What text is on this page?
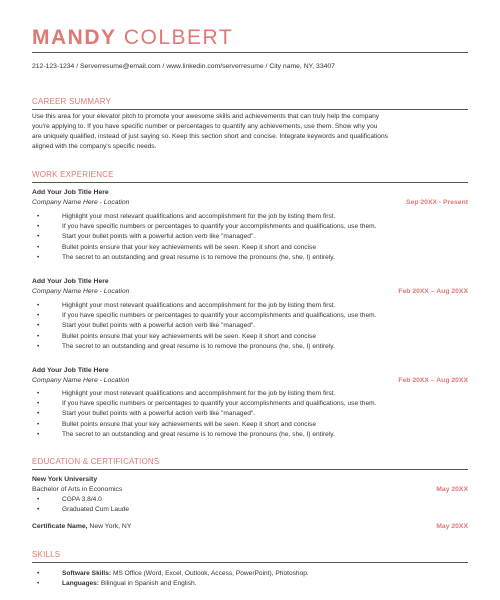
MANDY COLBERT
212-123-1234 / Serverresume@email.com / www.linkedin.com/serverresume / City name, NY, 33407
CAREER SUMMARY
Use this area for your elevator pitch to promote your awesome skills and achievements that can truly help the company
you're applying to. If you have specific number or percentages to quantify any achievements, use them. Show why you
are uniquely qualified, instead of just saying so. Keep this section short and concise. Integrate keywords and qualifications
aligned with the company's specific needs.
WORK EXPERIENCE
Add Your Job Title Here
Company Name Here - Location	Sep 20XX - Present
•	Highlight your most relevant qualifications and accomplishment for the job by listing them first.
•	If you have specific numbers or percentages to quantify your accomplishments and qualifications, use them.
•	Start your bullet points with a powerful action verb like "managed".
•	Bullet points ensure that your key achievements will be seen. Keep it short and concise
•	The secret to an outstanding and great resume is to remove the pronouns (he, she, I) entirely.
Add Your Job Title Here
Company Name Here - Location	Feb 20XX – Aug 20XX
•	Highlight your most relevant qualifications and accomplishment for the job by listing them first.
•	If you have specific numbers or percentages to quantify your accomplishments and qualifications, use them.
•	Start your bullet points with a powerful action verb like "managed".
•	Bullet points ensure that your key achievements will be seen. Keep it short and concise
•	The secret to an outstanding and great resume is to remove the pronouns (he, she, I) entirely.
Add Your Job Title Here
Company Name Here - Location	Feb 20XX – Aug 20XX
•	Highlight your most relevant qualifications and accomplishment for the job by listing them first.
•	If you have specific numbers or percentages to quantify your accomplishments and qualifications, use them.
•	Start your bullet points with a powerful action verb like "managed".
•	Bullet points ensure that your key achievements will be seen. Keep it short and concise
•	The secret to an outstanding and great resume is to remove the pronouns (he, she, I) entirely.
EDUCATION & CERTIFICATIONS
New York University
Bachelor of Arts in Economics	May 20XX
•	CGPA 3.8/4.0
•	Graduated Cum Laude
Certificate Name, New York, NY	May 20XX
SKILLS
•	Software Skills: MS Office (Word, Excel, Outlook, Access, PowerPoint), Photoshop.
•	Languages: Bilingual in Spanish and English.
